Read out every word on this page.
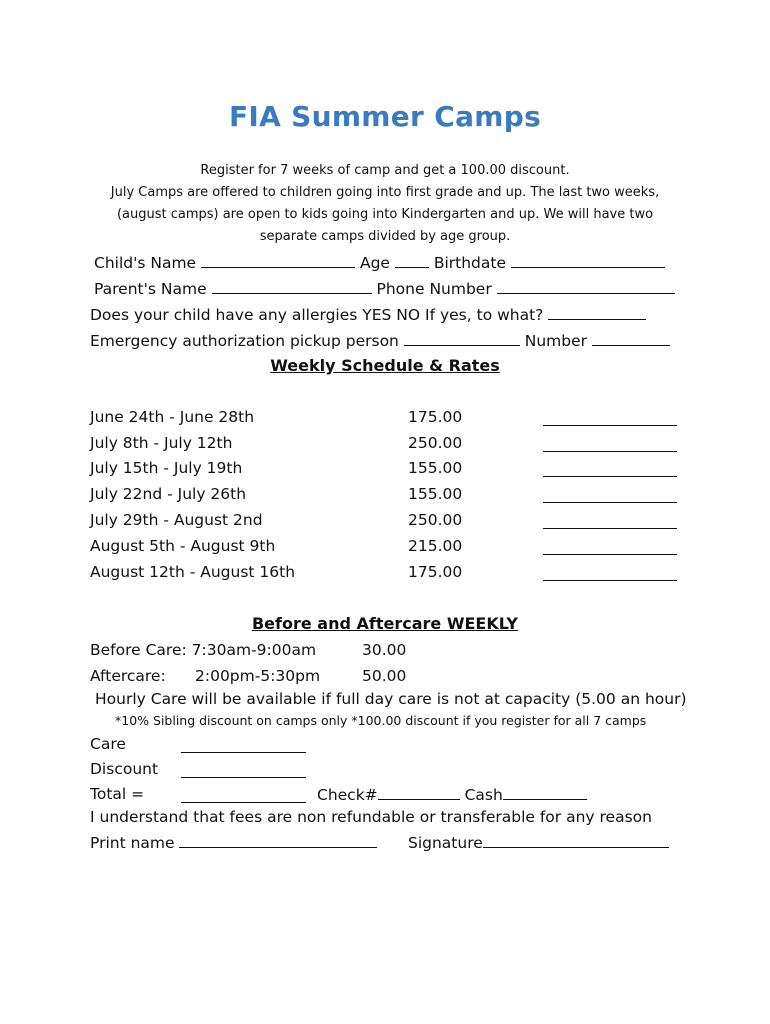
FIA Summer Camps
Register for 7 weeks of camp and get a 100.00 discount.
July Camps are offered to children going into first grade and up. The last two weeks,
(august camps) are open to kids going into Kindergarten and up. We will have two
separate camps divided by age group.
Child's Name	Age	Birthdate
Parent's Name	Phone Number
Does your child have any allergies YES NO If yes, to what?
Emergency authorization pickup person	Number
Weekly Schedule & Rates
June 24th - June 28th	175.00
July 8th - July 12th	250.00
July 15th - July 19th	155.00
July 22nd - July 26th	155.00
July 29th - August 2nd	250.00
August 5th - August 9th	215.00
August 12th - August 16th	175.00
Before and Aftercare WEEKLY
Before Care: 7:30am-9:00am	30.00
Aftercare: 2:00pm-5:30pm	50.00
Hourly Care will be available if full day care is not at capacity (5.00 an hour)
*10% Sibling discount on camps only *100.00 discount if you register for all 7 camps
Care
Discount
Total =	Check#	Cash
I understand that fees are non refundable or transferable for any reason
Print name	Signature
